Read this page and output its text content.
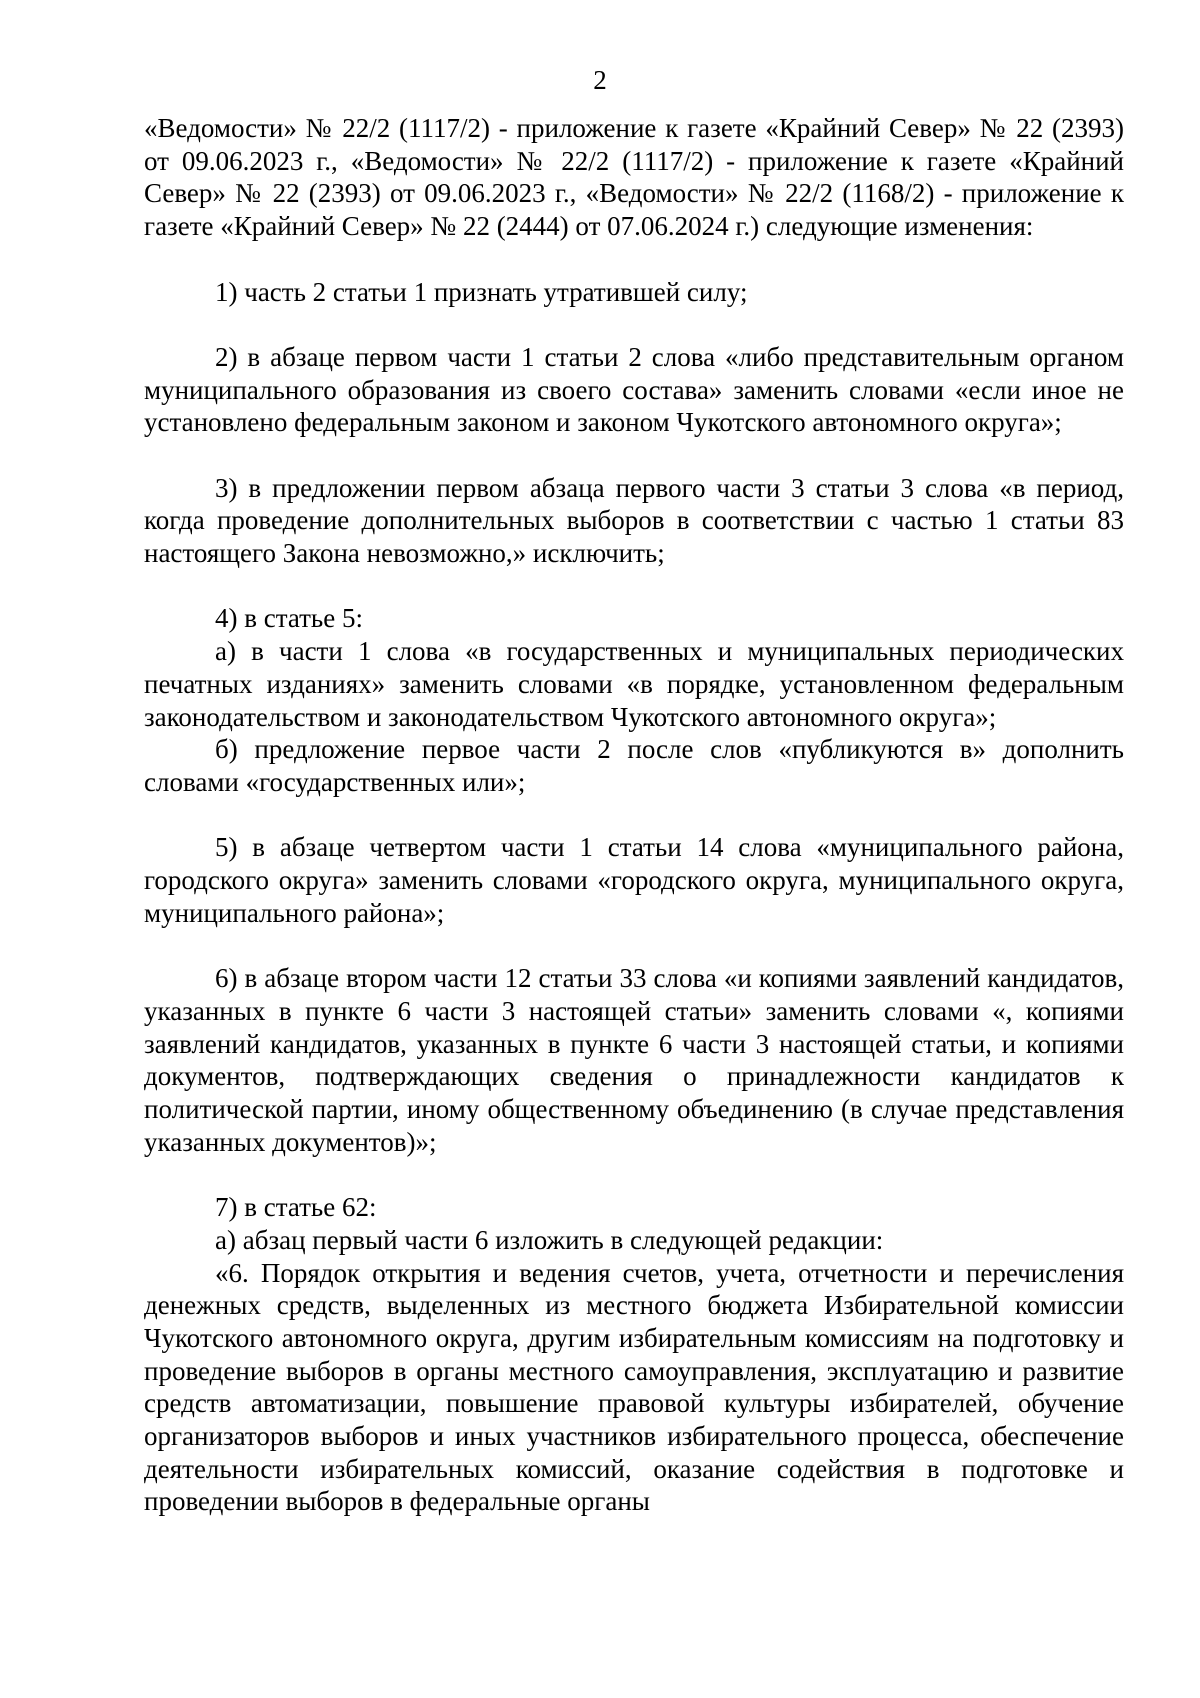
2

«Ведомости» № 22/2 (1117/2) - приложение к газете «Крайний Север» № 22 (2393) от 09.06.2023 г., «Ведомости» № 22/2 (1117/2) - приложение к газете «Крайний Север» № 22 (2393) от 09.06.2023 г., «Ведомости» № 22/2 (1168/2) - приложение к газете «Крайний Север» № 22 (2444) от 07.06.2024 г.) следующие изменения:

1) часть 2 статьи 1 признать утратившей силу;

2) в абзаце первом части 1 статьи 2 слова «либо представительным органом муниципального образования из своего состава» заменить словами «если иное не установлено федеральным законом и законом Чукотского автономного округа»;

3) в предложении первом абзаца первого части 3 статьи 3 слова «в период, когда проведение дополнительных выборов в соответствии с частью 1 статьи 83 настоящего Закона невозможно,» исключить;

4) в статье 5:

а) в части 1 слова «в государственных и муниципальных периодических печатных изданиях» заменить словами «в порядке, установленном федеральным законодательством и законодательством Чукотского автономного округа»;

б) предложение первое части 2 после слов «публикуются в» дополнить словами «государственных или»;

5) в абзаце четвертом части 1 статьи 14 слова «муниципального района, городского округа» заменить словами «городского округа, муниципального округа, муниципального района»;

6) в абзаце втором части 12 статьи 33 слова «и копиями заявлений кандидатов, указанных в пункте 6 части 3 настоящей статьи» заменить словами «, копиями заявлений кандидатов, указанных в пункте 6 части 3 настоящей статьи, и копиями документов, подтверждающих сведения о принадлежности кандидатов к политической партии, иному общественному объединению (в случае представления указанных документов)»;

7) в статье 62:

а) абзац первый части 6 изложить в следующей редакции:

«6. Порядок открытия и ведения счетов, учета, отчетности и перечисления денежных средств, выделенных из местного бюджета Избирательной комиссии Чукотского автономного округа, другим избирательным комиссиям на подготовку и проведение выборов в органы местного самоуправления, эксплуатацию и развитие средств автоматизации, повышение правовой культуры избирателей, обучение организаторов выборов и иных участников избирательного процесса, обеспечение деятельности избирательных комиссий, оказание содействия в подготовке и проведении выборов в федеральные органы
